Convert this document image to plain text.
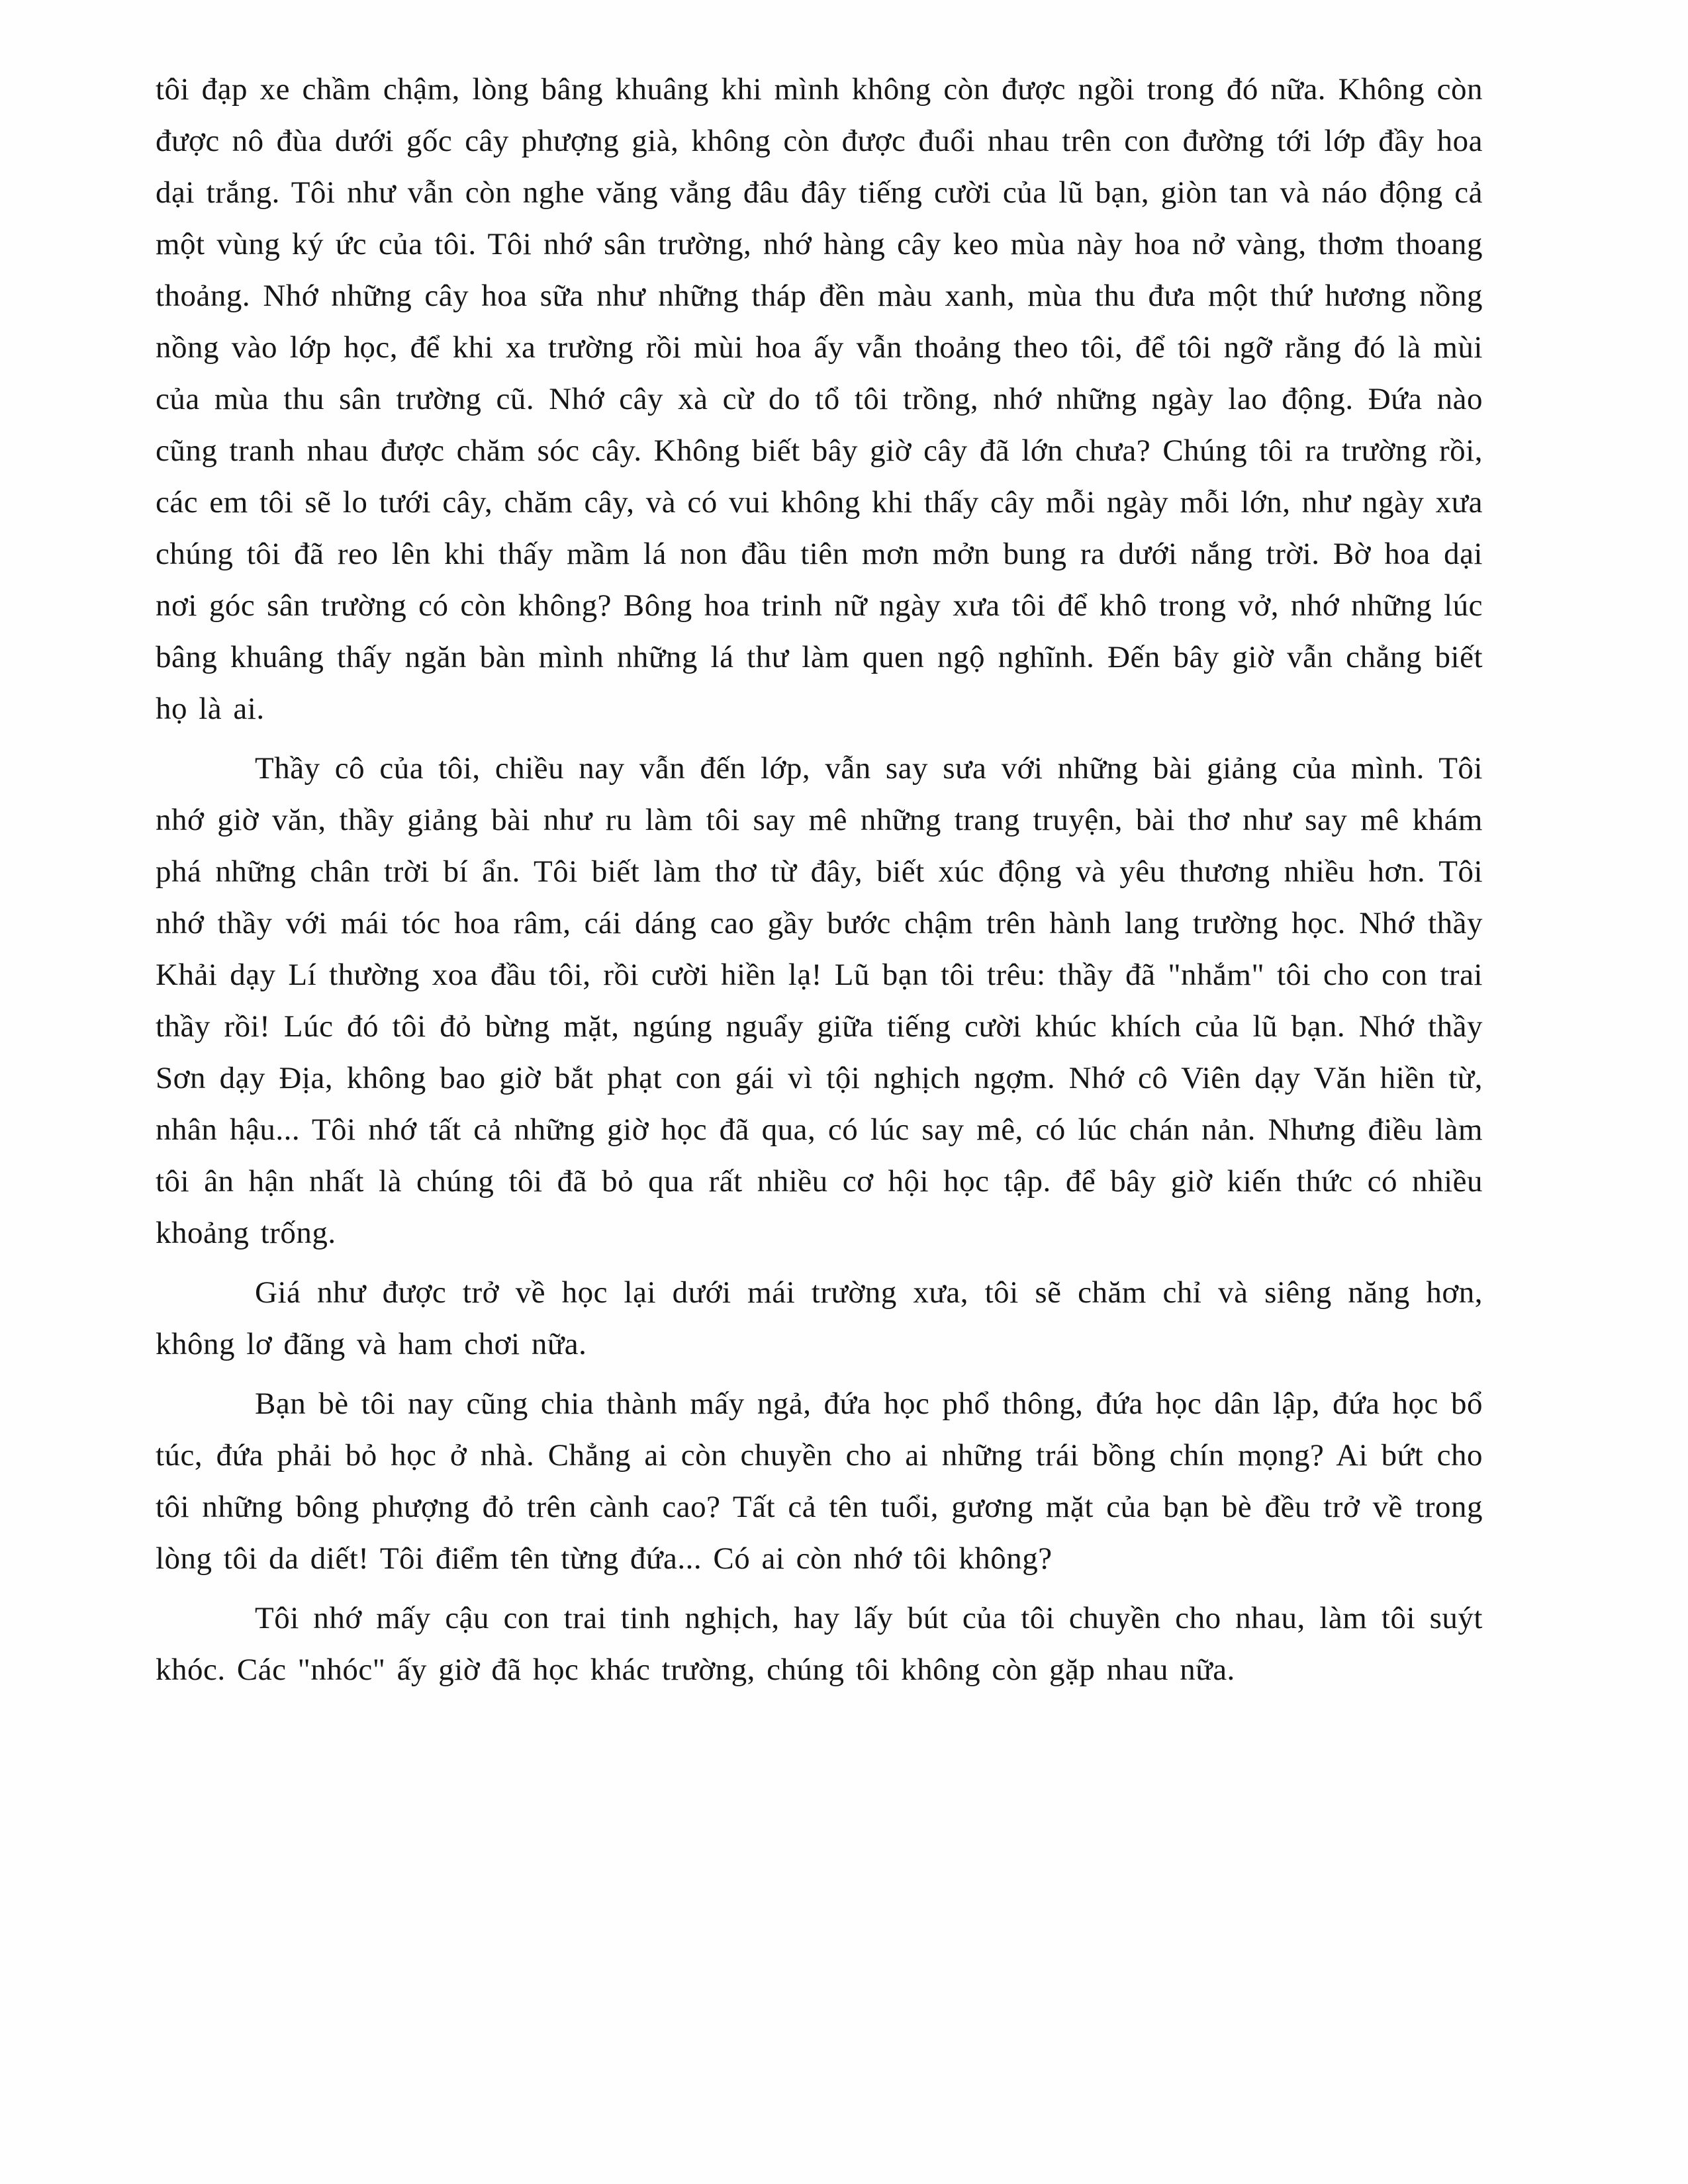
tôi đạp xe chầm chậm, lòng bâng khuâng khi mình không còn được ngồi trong đó nữa. Không còn được nô đùa dưới gốc cây phượng già, không còn được đuổi nhau trên con đường tới lớp đầy hoa dại trắng. Tôi như vẫn còn nghe văng vẳng đâu đây tiếng cười của lũ bạn, giòn tan và náo động cả một vùng ký ức của tôi. Tôi nhớ sân trường, nhớ hàng cây keo mùa này hoa nở vàng, thơm thoang thoảng. Nhớ những cây hoa sữa như những tháp đền màu xanh, mùa thu đưa một thứ hương nồng nồng vào lớp học, để khi xa trường rồi mùi hoa ấy vẫn thoảng theo tôi, để tôi ngỡ rằng đó là mùi của mùa thu sân trường cũ. Nhớ cây xà cừ do tổ tôi trồng, nhớ những ngày lao động. Đứa nào cũng tranh nhau được chăm sóc cây. Không biết bây giờ cây đã lớn chưa? Chúng tôi ra trường rồi, các em tôi sẽ lo tưới cây, chăm cây, và có vui không khi thấy cây mỗi ngày mỗi lớn, như ngày xưa chúng tôi đã reo lên khi thấy mầm lá non đầu tiên mơn mởn bung ra dưới nắng trời. Bờ hoa dại nơi góc sân trường có còn không? Bông hoa trinh nữ ngày xưa tôi để khô trong vở, nhớ những lúc bâng khuâng thấy ngăn bàn mình những lá thư làm quen ngộ nghĩnh. Đến bây giờ vẫn chẳng biết họ là ai.

Thầy cô của tôi, chiều nay vẫn đến lớp, vẫn say sưa với những bài giảng của mình. Tôi nhớ giờ văn, thầy giảng bài như ru làm tôi say mê những trang truyện, bài thơ như say mê khám phá những chân trời bí ẩn. Tôi biết làm thơ từ đây, biết xúc động và yêu thương nhiều hơn. Tôi nhớ thầy với mái tóc hoa râm, cái dáng cao gầy bước chậm trên hành lang trường học. Nhớ thầy Khải dạy Lí thường xoa đầu tôi, rồi cười hiền lạ! Lũ bạn tôi trêu: thầy đã "nhắm" tôi cho con trai thầy rồi! Lúc đó tôi đỏ bừng mặt, ngúng nguẩy giữa tiếng cười khúc khích của lũ bạn. Nhớ thầy Sơn dạy Địa, không bao giờ bắt phạt con gái vì tội nghịch ngợm. Nhớ cô Viên dạy Văn hiền từ, nhân hậu... Tôi nhớ tất cả những giờ học đã qua, có lúc say mê, có lúc chán nản. Nhưng điều làm tôi ân hận nhất là chúng tôi đã bỏ qua rất nhiều cơ hội học tập. để bây giờ kiến thức có nhiều khoảng trống.

Giá như được trở về học lại dưới mái trường xưa, tôi sẽ chăm chỉ và siêng năng hơn, không lơ đãng và ham chơi nữa.

Bạn bè tôi nay cũng chia thành mấy ngả, đứa học phổ thông, đứa học dân lập, đứa học bổ túc, đứa phải bỏ học ở nhà. Chẳng ai còn chuyền cho ai những trái bồng chín mọng? Ai bứt cho tôi những bông phượng đỏ trên cành cao? Tất cả tên tuổi, gương mặt của bạn bè đều trở về trong lòng tôi da diết! Tôi điểm tên từng đứa... Có ai còn nhớ tôi không?

Tôi nhớ mấy cậu con trai tinh nghịch, hay lấy bút của tôi chuyền cho nhau, làm tôi suýt khóc. Các "nhóc" ấy giờ đã học khác trường, chúng tôi không còn gặp nhau nữa.
